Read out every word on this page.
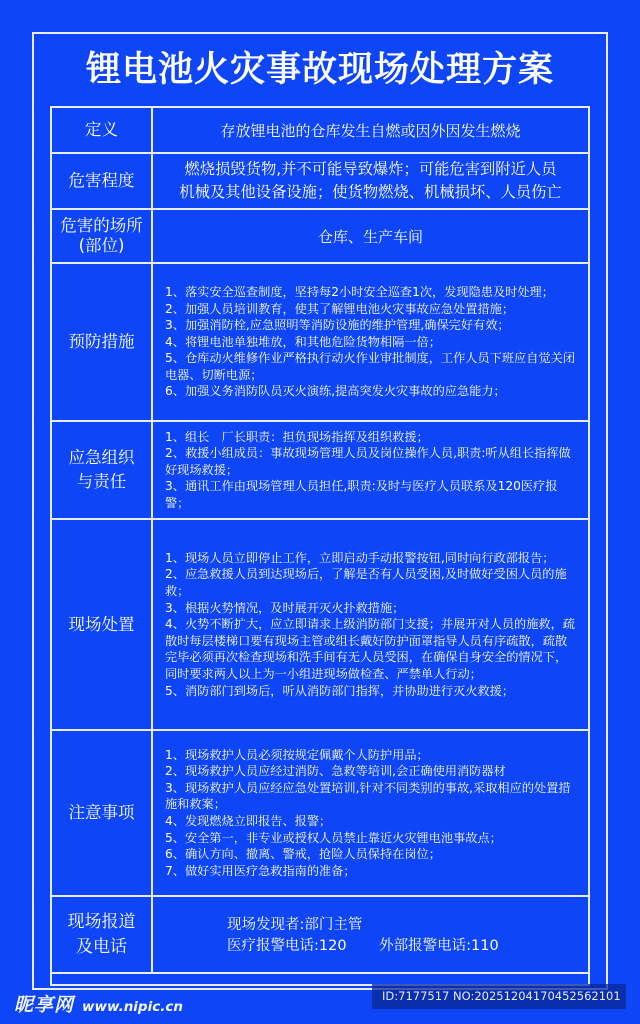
锂电池火灾事故现场处理方案
定义	存放锂电池的仓库发生自燃或因外因发生燃烧
危害程度
燃烧损毁货物,并不可能导致爆炸；可能危害到附近人员
机械及其他设备设施；使货物燃烧、机械损坏、人员伤亡
危害的场所
(部位)	仓库、生产车间
预防措施
1、落实安全巡查制度，坚持每2小时安全巡查1次，发现隐患及时处理；
2、加强人员培训教育，使其了解锂电池火灾事故应急处置措施；
3、加强消防栓,应急照明等消防设施的维护管理,确保完好有效；
4、将锂电池单独堆放，和其他危险货物相隔一倍；
5、仓库动火维修作业严格执行动火作业审批制度，工作人员下班应自觉关闭电器、切断电源；
6、加强义务消防队员灭火演练,提高突发火灾事故的应急能力；
应急组织
与责任
1、组长　厂长职责：担负现场指挥及组织救援；
2、救援小组成员：事故现场管理人员及岗位操作人员,职责:听从组长指挥做好现场救援；
3、通讯工作由现场管理人员担任,职责:及时与医疗人员联系及120医疗报警；
现场处置
1、现场人员立即停止工作，立即启动手动报警按钮,同时向行政部报告；
2、应急救援人员到达现场后，了解是否有人员受困,及时做好受困人员的施救；
3、根据火势情况，及时展开灭火扑救措施；
4、火势不断扩大，应立即请求上级消防部门支援；并展开对人员的施救，疏散时每层楼梯口要有现场主管或组长戴好防护面罩指导人员有序疏散，疏散完毕必须再次检查现场和洗手间有无人员受困，在确保自身安全的情况下，同时要求两人以上为一小组进现场做检查、严禁单人行动；
5、消防部门到场后，听从消防部门指挥，并协助进行灭火救援；
注意事项
1、现场救护人员必须按规定佩戴个人防护用品；
2、现场救护人员应经过消防、急救等培训,会正确使用消防器材
3、现场救护人员应经应急处置培训,针对不同类别的事故,采取相应的处置措施和救案；
4、发现燃烧立即报告、报警；
5、安全第一，非专业或授权人员禁止靠近火灾锂电池事故点；
6、确认方向、撤离、警戒，抢险人员保持在岗位；
7、做好实用医疗急救指南的准备；
现场报道
及电话
现场发现者:部门主管
医疗报警电话:120 外部报警电话:110
昵享网 www.nipic.cn
ID:7177517 NO:20251204170452562101
